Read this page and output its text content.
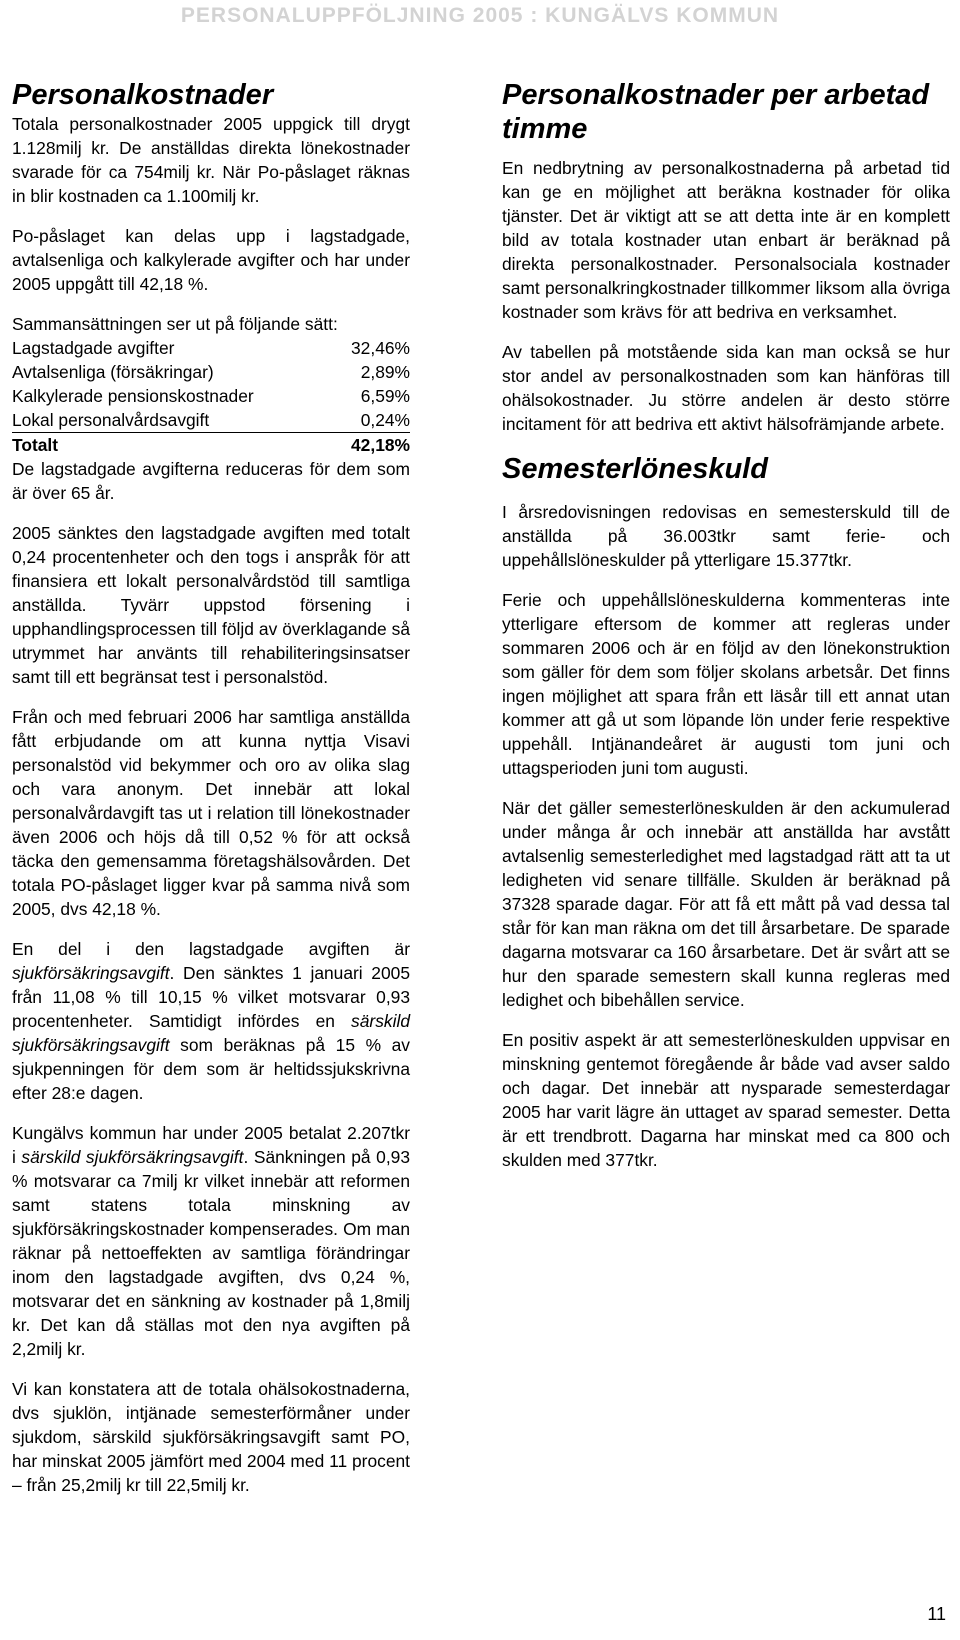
PERSONALUPPFÖLJNING 2005 : KUNGÄLVS KOMMUN
Personalkostnader

Totala personalkostnader 2005 uppgick till drygt 1.128milj kr. De anställdas direkta lönekostnader svarade för ca 754milj kr. När Po-påslaget räknas in blir kostnaden ca 1.100milj kr.

Po-påslaget kan delas upp i lagstadgade, avtalsenliga och kalkylerade avgifter och har under 2005 uppgått till 42,18 %.

Sammansättningen ser ut på följande sätt:

Lagstadgade avgifter	32,46%
Avtalsenliga (försäkringar)	2,89%
Kalkylerade pensionskostnader	6,59%
Lokal personalvårdsavgift	0,24%
Totalt	42,18%

De lagstadgade avgifterna reduceras för dem som är över 65 år.

2005 sänktes den lagstadgade avgiften med totalt 0,24 procentenheter och den togs i anspråk för att finansiera ett lokalt personalvårdstöd till samtliga anställda. Tyvärr uppstod försening i upphandlingsprocessen till följd av överklagande så utrymmet har använts till rehabiliteringsinsatser samt till ett begränsat test i personalstöd.

Från och med februari 2006 har samtliga anställda fått erbjudande om att kunna nyttja Visavi personalstöd vid bekymmer och oro av olika slag och vara anonym. Det innebär att lokal personalvårdavgift tas ut i relation till lönekostnader även 2006 och höjs då till 0,52 % för att också täcka den gemensamma företagshälsovården. Det totala PO-påslaget ligger kvar på samma nivå som 2005, dvs 42,18 %.

En del i den lagstadgade avgiften är sjukförsäkringsavgift. Den sänktes 1 januari 2005 från 11,08 % till 10,15 % vilket motsvarar 0,93 procentenheter. Samtidigt infördes en särskild sjukförsäkringsavgift som beräknas på 15 % av sjukpenningen för dem som är heltidssjukskrivna efter 28:e dagen.

Kungälvs kommun har under 2005 betalat 2.207tkr i särskild sjukförsäkringsavgift. Sänkningen på 0,93 % motsvarar ca 7milj kr vilket innebär att reformen samt statens totala minskning av sjukförsäkringskostnader kompenserades. Om man räknar på nettoeffekten av samtliga förändringar inom den lagstadgade avgiften, dvs 0,24 %, motsvarar det en sänkning av kostnader på 1,8milj kr. Det kan då ställas mot den nya avgiften på 2,2milj kr.

Vi kan konstatera att de totala ohälsokostnaderna, dvs sjuklön, intjänade semesterförmåner under sjukdom, särskild sjukförsäkringsavgift samt PO, har minskat 2005 jämfört med 2004 med 11 procent – från 25,2milj kr till 22,5milj kr.

Personalkostnader per arbetad timme

En nedbrytning av personalkostnaderna på arbetad tid kan ge en möjlighet att beräkna kostnader för olika tjänster. Det är viktigt att se att detta inte är en komplett bild av totala kostnader utan enbart är beräknad på direkta personalkostnader. Personalsociala kostnader samt personalkringkostnader tillkommer liksom alla övriga kostnader som krävs för att bedriva en verksamhet.

Av tabellen på motstående sida kan man också se hur stor andel av personalkostnaden som kan hänföras till ohälsokostnader. Ju större andelen är desto större incitament för att bedriva ett aktivt hälsofrämjande arbete.

Semesterlöneskuld

I årsredovisningen redovisas en semesterskuld till de anställda på 36.003tkr samt ferie- och uppehållslöneskulder på ytterligare 15.377tkr.

Ferie och uppehållslöneskulderna kommenteras inte ytterligare eftersom de kommer att regleras under sommaren 2006 och är en följd av den lönekonstruktion som gäller för dem som följer skolans arbetsår. Det finns ingen möjlighet att spara från ett läsår till ett annat utan kommer att gå ut som löpande lön under ferie respektive uppehåll. Intjänandeåret är augusti tom juni och uttagsperioden juni tom augusti.

När det gäller semesterlöneskulden är den ackumulerad under många år och innebär att anställda har avstått avtalsenlig semesterledighet med lagstadgad rätt att ta ut ledigheten vid senare tillfälle. Skulden är beräknad på 37328 sparade dagar. För att få ett mått på vad dessa tal står för kan man räkna om det till årsarbetare. De sparade dagarna motsvarar ca 160 årsarbetare. Det är svårt att se hur den sparade semestern skall kunna regleras med ledighet och bibehållen service.

En positiv aspekt är att semesterlöneskulden uppvisar en minskning gentemot föregående år både vad avser saldo och dagar. Det innebär att nysparade semesterdagar 2005 har varit lägre än uttaget av sparad semester. Detta är ett trendbrott. Dagarna har minskat med ca 800 och skulden med 377tkr.

11
